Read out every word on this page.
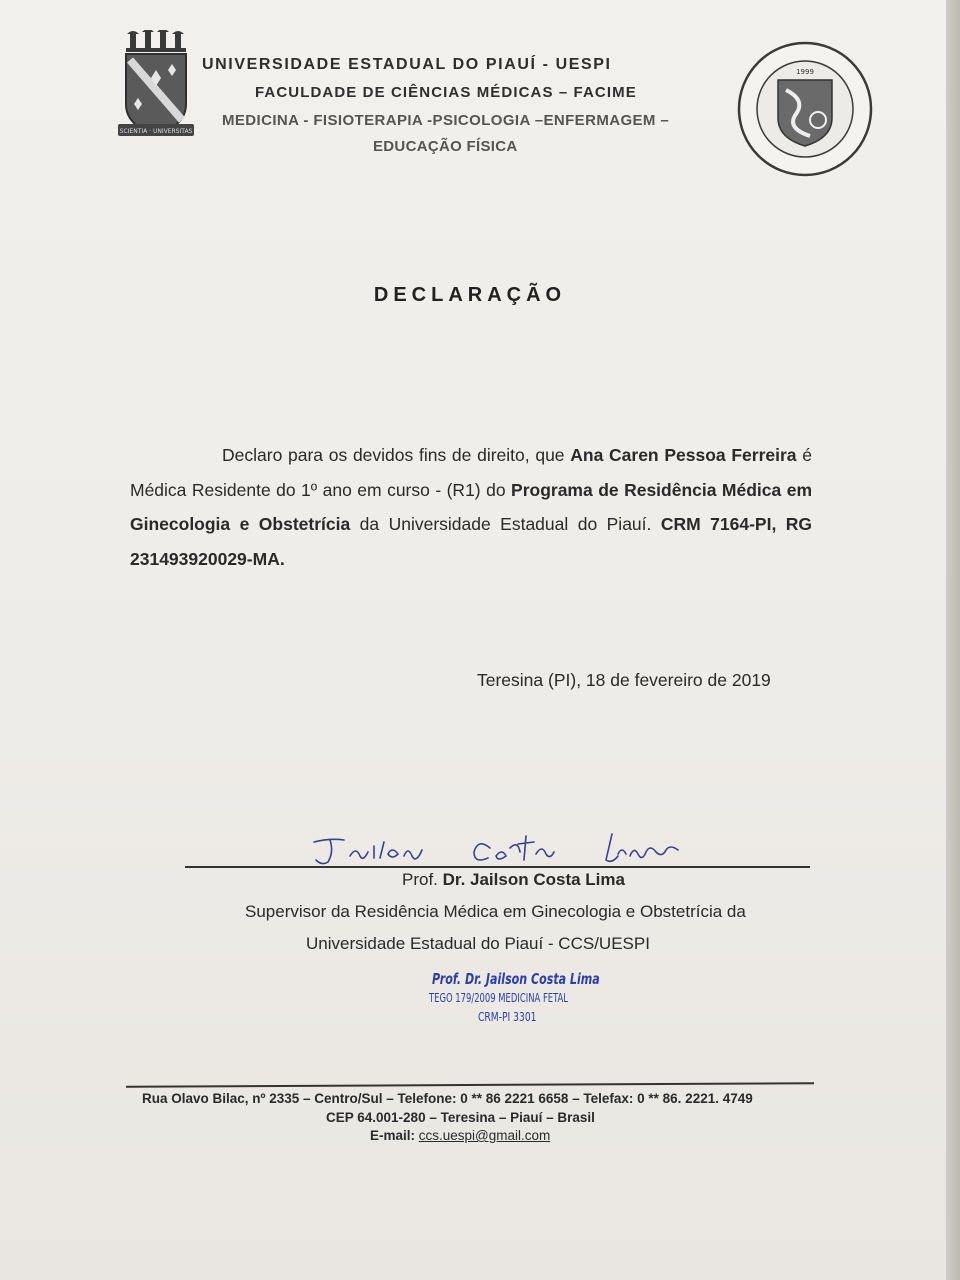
SCIENTIA · UNIVERSITAS
UNIVERSIDADE ESTADUAL DO PIAUÍ - UESPI
FACULDADE DE CIÊNCIAS MÉDICAS – FACIME
MEDICINA - FISIOTERAPIA -PSICOLOGIA –ENFERMAGEM –
EDUCAÇÃO FÍSICA
1999
DECLARAÇÃO
Declaro para os devidos fins de direito, que Ana Caren Pessoa Ferreira é Médica Residente do 1º ano em curso - (R1) do Programa de Residência Médica em Ginecologia e Obstetrícia da Universidade Estadual do Piauí. CRM 7164-PI, RG 231493920029-MA.
Teresina (PI), 18 de fevereiro de 2019
Prof. Dr. Jailson Costa Lima
Supervisor da Residência Médica em Ginecologia e Obstetrícia da
Universidade Estadual do Piauí - CCS/UESPI
Prof. Dr. Jailson Costa Lima
TEGO 179/2009 MEDICINA FETAL
CRM-PI 3301
Rua Olavo Bilac, nº 2335 – Centro/Sul – Telefone: 0 ** 86 2221 6658 – Telefax: 0 ** 86. 2221. 4749
CEP 64.001-280 – Teresina – Piauí – Brasil
E-mail: ccs.uespi@gmail.com
